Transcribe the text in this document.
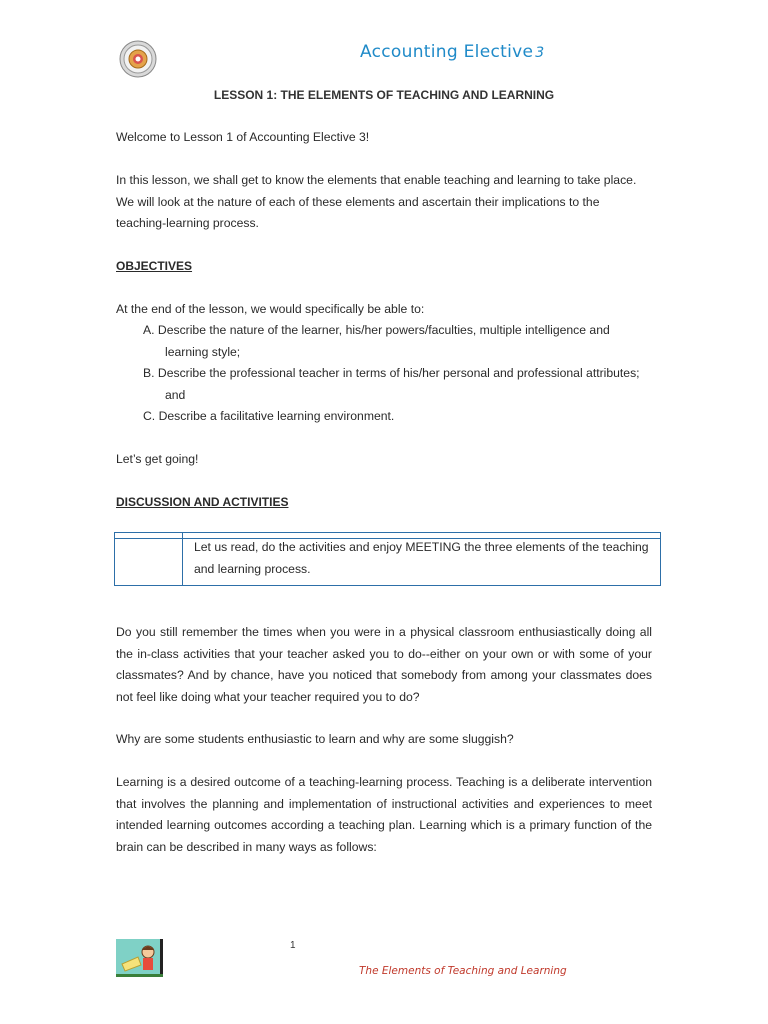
Accounting Elective 3
LESSON 1: THE ELEMENTS OF TEACHING AND LEARNING
Welcome to Lesson 1 of Accounting Elective 3!
In this lesson, we shall get to know the elements that enable teaching and learning to take place. We will look at the nature of each of these elements and ascertain their implications to the teaching-learning process.
OBJECTIVES
At the end of the lesson, we would specifically be able to:
A. Describe the nature of the learner, his/her powers/faculties, multiple intelligence and
learning style;
B. Describe the professional teacher in terms of his/her personal and professional attributes;
and
C. Describe a facilitative learning environment.
Let’s get going!
DISCUSSION AND ACTIVITIES
Let us read, do the activities and enjoy MEETING the three elements of the teaching and learning process.
Do you still remember the times when you were in a physical classroom enthusiastically doing all the in-class activities that your teacher asked you to do--either on your own or with some of your classmates? And by chance, have you noticed that somebody from among your classmates does not feel like doing what your teacher required you to do?
Why are some students enthusiastic to learn and why are some sluggish?
Learning is a desired outcome of a teaching-learning process. Teaching is a deliberate intervention that involves the planning and implementation of instructional activities and experiences to meet intended learning outcomes according a teaching plan. Learning which is a primary function of the brain can be described in many ways as follows:
1
The Elements of Teaching and Learning
